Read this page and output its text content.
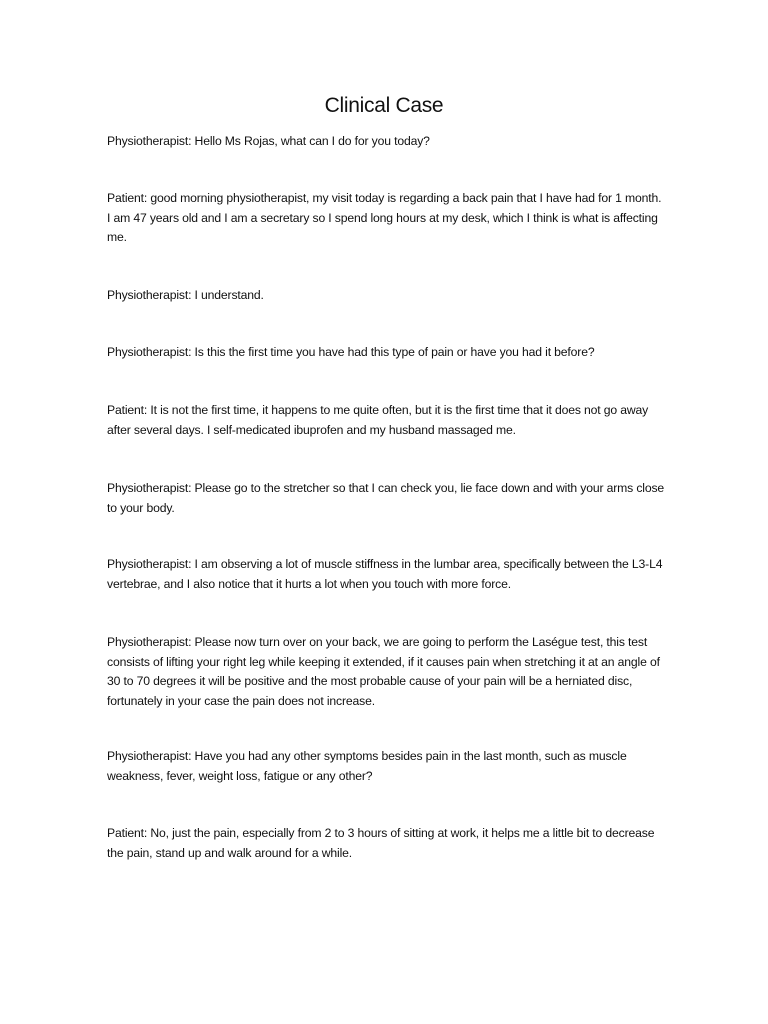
Clinical Case

Physiotherapist: Hello Ms Rojas, what can I do for you today?

Patient: good morning physiotherapist, my visit today is regarding a back pain that I have had for 1 month. I am 47 years old and I am a secretary so I spend long hours at my desk, which I think is what is affecting me.

Physiotherapist: I understand.

Physiotherapist: Is this the first time you have had this type of pain or have you had it before?

Patient: It is not the first time, it happens to me quite often, but it is the first time that it does not go away after several days. I self-medicated ibuprofen and my husband massaged me.

Physiotherapist: Please go to the stretcher so that I can check you, lie face down and with your arms close to your body.

Physiotherapist: I am observing a lot of muscle stiffness in the lumbar area, specifically between the L3-L4 vertebrae, and I also notice that it hurts a lot when you touch with more force.

Physiotherapist: Please now turn over on your back, we are going to perform the Laségue test, this test consists of lifting your right leg while keeping it extended, if it causes pain when stretching it at an angle of 30 to 70 degrees it will be positive and the most probable cause of your pain will be a herniated disc, fortunately in your case the pain does not increase.

Physiotherapist: Have you had any other symptoms besides pain in the last month, such as muscle weakness, fever, weight loss, fatigue or any other?

Patient: No, just the pain, especially from 2 to 3 hours of sitting at work, it helps me a little bit to decrease the pain, stand up and walk around for a while.
